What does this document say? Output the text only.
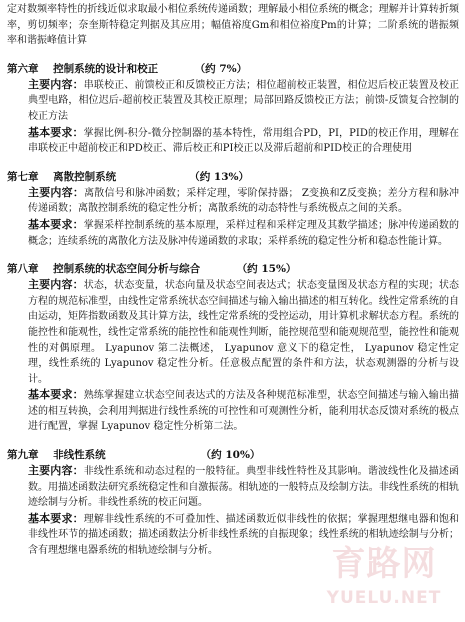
定对数频率特性的折线近似求取最小相位系统传递函数；理解最小相位系统的概念；理解并计算转折频率，剪切频率；奈奎斯特稳定判据及其应用；幅值裕度Gm和相位裕度Pm的计算；二阶系统的谐振频率和谐振峰值计算

第六章    控制系统的设计和校正	（约 7%）

主要内容：串联校正、前馈校正和反馈校正方法；相位超前校正装置，相位迟后校正装置及校正典型电路，相位迟后-超前校正装置及其校正原理；局部回路反馈校正方法；前馈-反馈复合控制的校正方法

基本要求：掌握比例-积分-微分控制器的基本特性，常用组合PD，PI，PID的校正作用，理解在串联校正中超前校正和PD校正、滞后校正和PI校正以及滞后超前和PID校正的合理使用

第七章    离散控制系统	（约 13%）

主要内容：离散信号和脉冲函数；采样定理，零阶保持器； Z变换和Z反变换；差分方程和脉冲传递函数；离散控制系统的稳定性分析；离散系统的动态特性与系统极点之间的关系。

基本要求：掌握采样控制系统的基本原理，采样过程和采样定理及其数学描述；脉冲传递函数的概念；连续系统的离散化方法及脉冲传递函数的求取；采样系统的稳定性分析和稳态性能计算。

第八章    控制系统的状态空间分析与综合	（约 15%）

主要内容：状态，状态变量，状态向量及状态空间表达式；状态变量图及状态方程的实现；状态方程的规范标准型，由线性定常系统状态空间描述与输入输出描述的相互转化。线性定常系统的自由运动，矩阵指数函数及其计算方法，线性定常系统的受控运动，用计算机求解状态方程。系统的能控性和能观性，线性定常系统的能控性和能观性判断，能控规范型和能观规范型，能控性和能观性的对偶原理。 Lyapunov 第二法概述， Lyapunov 意义下的稳定性， Lyapunov 稳定性定理，线性系统的 Lyapunov 稳定性分析。任意极点配置的条件和方法，状态观测器的分析与设计。

基本要求：熟练掌握建立状态空间表达式的方法及各种规范标准型，状态空间描述与输入输出描述的相互转换，会利用判据进行线性系统的可控性和可观测性分析，能利用状态反馈对系统的极点进行配置，掌握 Lyapunov 稳定性分析第二法。

第九章    非线性系统	（约 10%）

主要内容：非线性系统和动态过程的一般特征。典型非线性特性及其影响。谐波线性化及描述函数。用描述函数法研究系统稳定性和自激振荡。相轨迹的一般特点及绘制方法。非线性系统的相轨迹绘制与分析。非线性系统的校正问题。

基本要求：理解非线性系统的不可叠加性、描述函数近似非线性的依据；掌握理想继电器和饱和非线性环节的描述函数；描述函数法分析非线性系统的自振现象；线性系统的相轨迹绘制与分析；含有理想继电器系统的相轨迹绘制与分析。	育路网
YUELU.NET
